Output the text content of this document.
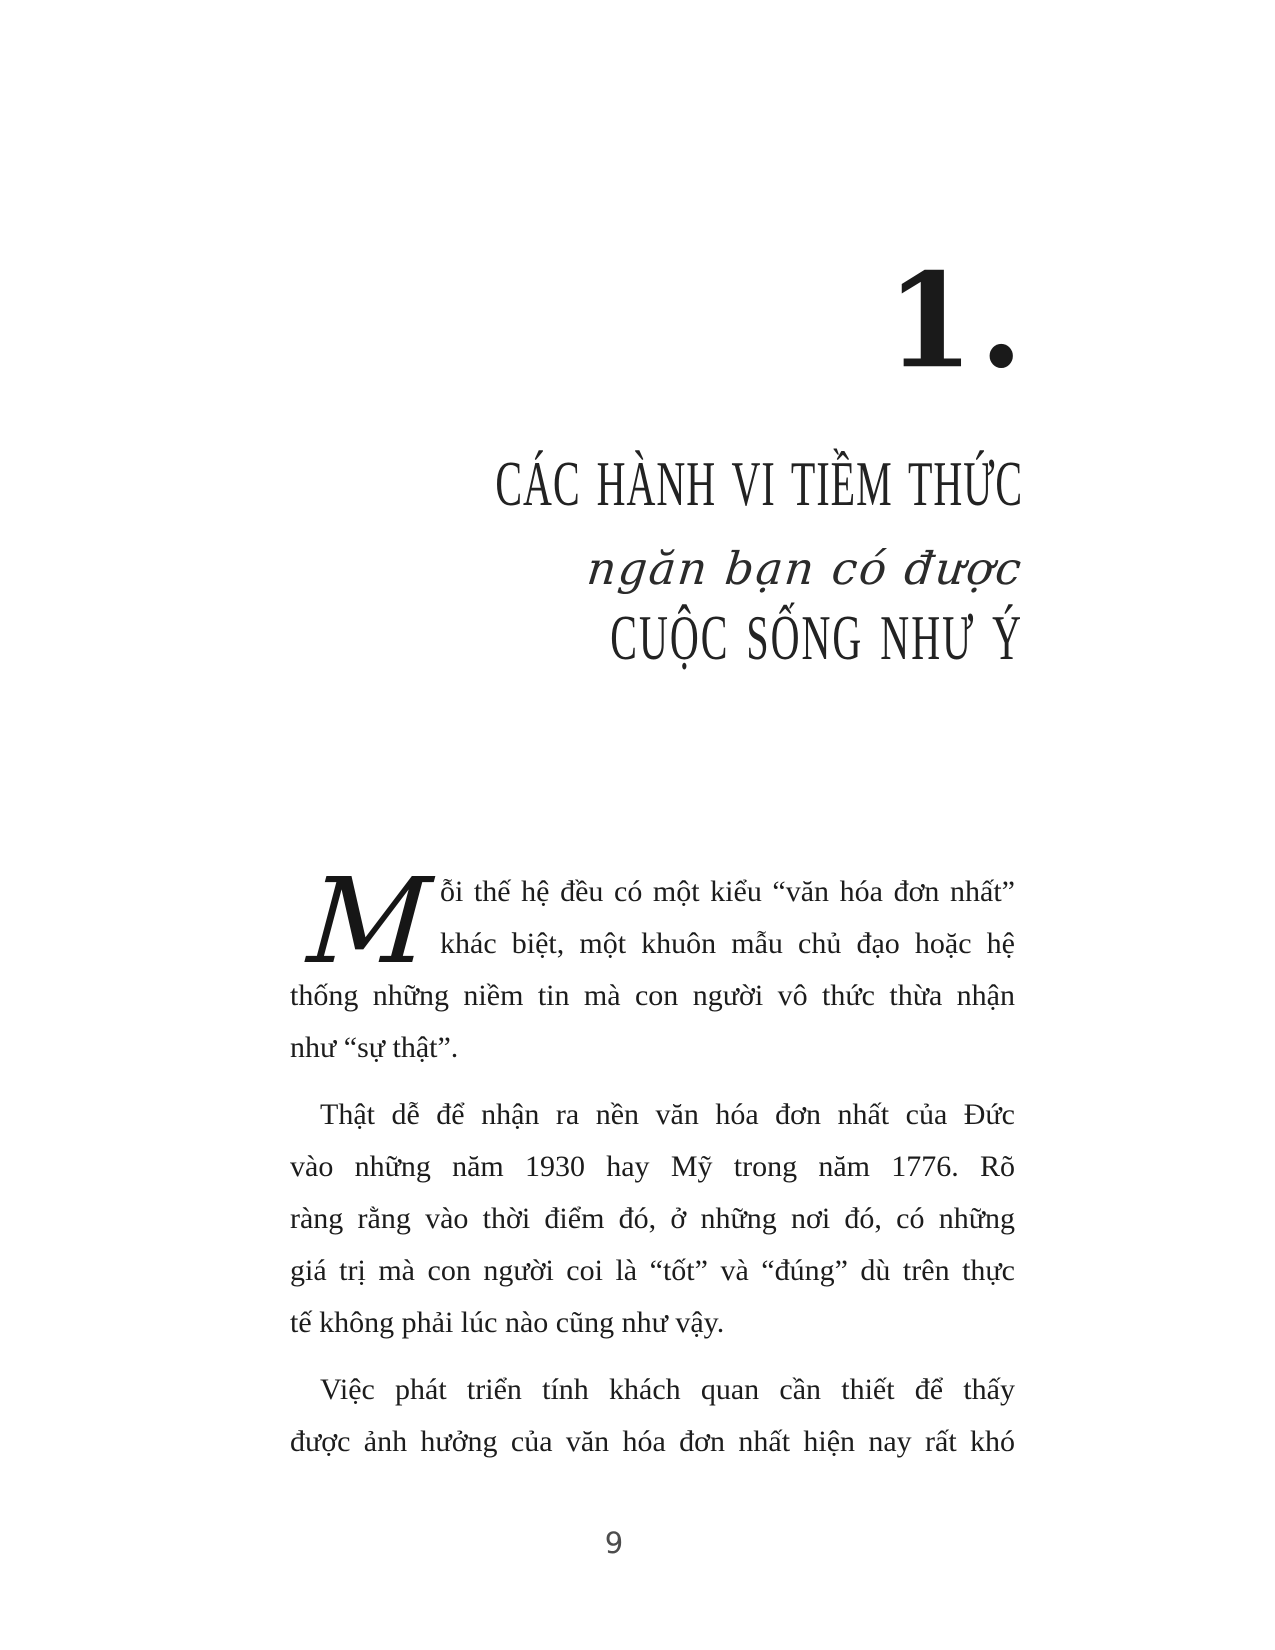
1.
CÁC HÀNH VI TIỀM THỨC
ngăn bạn có được
CUỘC SỐNG NHƯ Ý
M ỗi thế hệ đều có một kiểu “văn hóa đơn nhất”
khác biệt, một khuôn mẫu chủ đạo hoặc hệ
thống những niềm tin mà con người vô thức thừa nhận
như “sự thật”.
Thật dễ để nhận ra nền văn hóa đơn nhất của Đức
vào những năm 1930 hay Mỹ trong năm 1776. Rõ
ràng rằng vào thời điểm đó, ở những nơi đó, có những
giá trị mà con người coi là “tốt” và “đúng” dù trên thực
tế không phải lúc nào cũng như vậy.
Việc phát triển tính khách quan cần thiết để thấy
được ảnh hưởng của văn hóa đơn nhất hiện nay rất khó
9
